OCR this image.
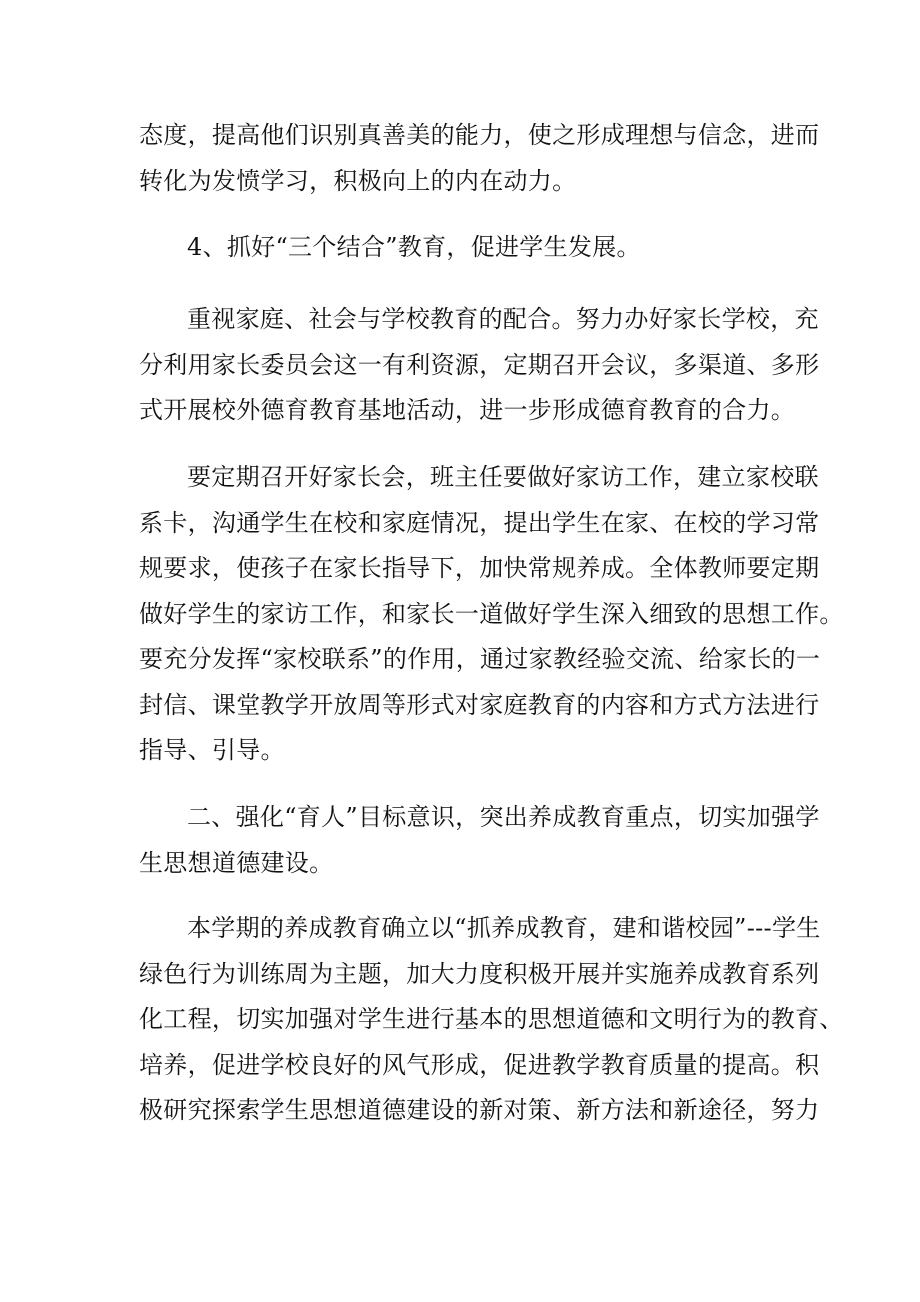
态度，提高他们识别真善美的能力，使之形成理想与信念，进而
转化为发愤学习，积极向上的内在动力。
4、抓好“三个结合”教育，促进学生发展。
重视家庭、社会与学校教育的配合。努力办好家长学校，充
分利用家长委员会这一有利资源，定期召开会议，多渠道、多形
式开展校外德育教育基地活动，进一步形成德育教育的合力。
要定期召开好家长会，班主任要做好家访工作，建立家校联
系卡，沟通学生在校和家庭情况，提出学生在家、在校的学习常
规要求，使孩子在家长指导下，加快常规养成。全体教师要定期
做好学生的家访工作，和家长一道做好学生深入细致的思想工作。
要充分发挥“家校联系”的作用，通过家教经验交流、给家长的一
封信、课堂教学开放周等形式对家庭教育的内容和方式方法进行
指导、引导。
二、强化“育人”目标意识，突出养成教育重点，切实加强学
生思想道德建设。
本学期的养成教育确立以“抓养成教育，建和谐校园”---学生
绿色行为训练周为主题，加大力度积极开展并实施养成教育系列
化工程，切实加强对学生进行基本的思想道德和文明行为的教育、
培养，促进学校良好的风气形成，促进教学教育质量的提高。积
极研究探索学生思想道德建设的新对策、新方法和新途径，努力
